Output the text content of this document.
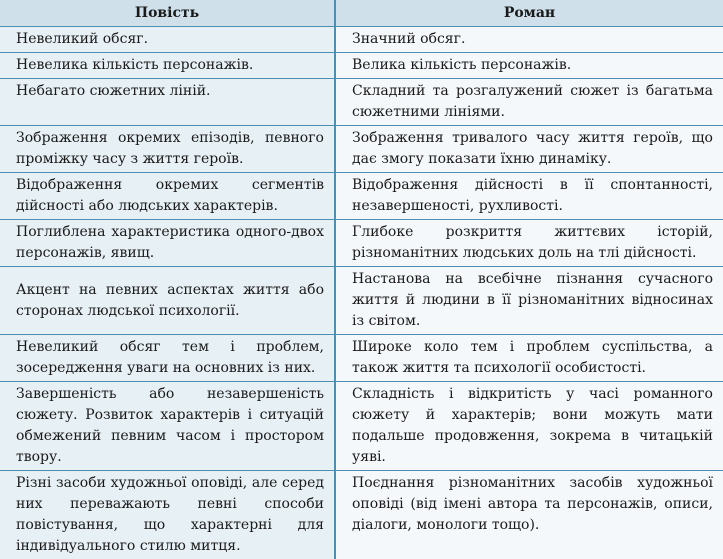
Повість	Роман
Невеликий обсяг.	Значний обсяг.
Невелика кількість персонажів.	Велика кількість персонажів.
Небагато сюжетних ліній.	Складний та розгалужений сюжет із багатьма сюжетними лініями.
Зображення окремих епізодів, певного проміжку часу з життя героїв.	Зображення тривалого часу життя героїв, що дає змогу показати їхню динаміку.
Відображення окремих сегментів дійсності або людських характерів.	Відображення дійсності в її спонтанності, незавершеності, рухливості.
Поглиблена характеристика одного-двох персонажів, явищ.	Глибоке розкриття життєвих історій, різноманітних людських доль на тлі дійсності.
Акцент на певних аспектах життя або сторонах людської психології.	Настанова на всебічне пізнання сучасного життя й людини в її різноманітних відносинах із світом.
Невеликий обсяг тем і проблем, зосередження уваги на основних із них.	Широке коло тем і проблем суспільства, а також життя та психології особистості.
Завершеність або незавершеність сюжету. Розвиток характерів і ситуацій обмежений певним часом і простором твору.	Складність і відкритість у часі романного сюжету й характерів; вони можуть мати подальше продовження, зокрема в читацькій уяві.
Різні засоби художньої оповіді, але серед них переважають певні способи повістування, що характерні для індивідуального стилю митця.	Поєднання різноманітних засобів художньої оповіді (від імені автора та персонажів, описи, діалоги, монологи тощо).
